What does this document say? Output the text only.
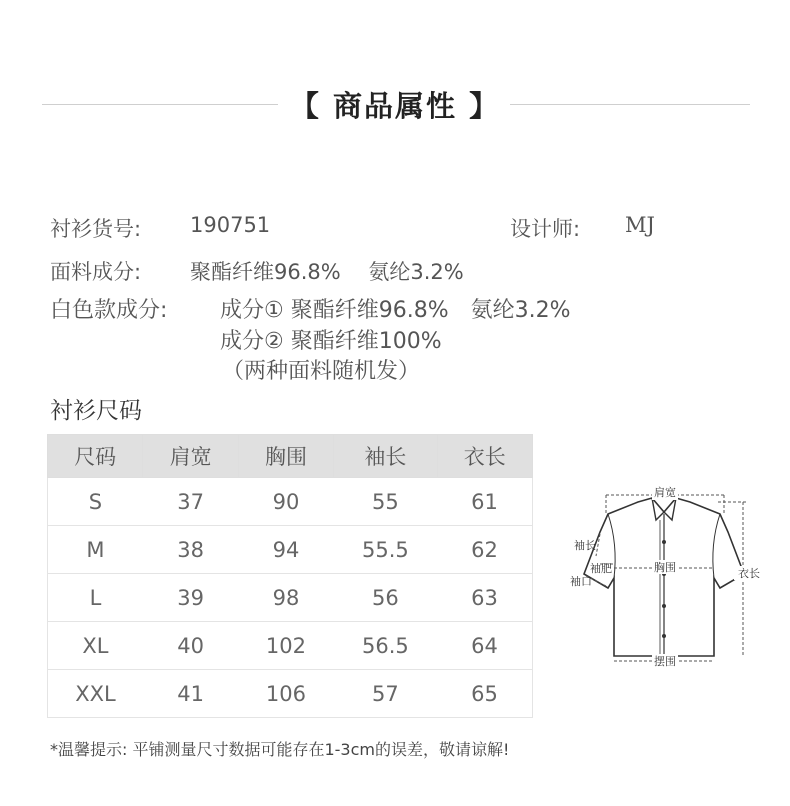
【 商品属性 】
衬衫货号: 190751	设计师: MJ
面料成分: 聚酯纤维96.8%　 氨纶3.2%
白色款成分: 成分① 聚酯纤维96.8%　氨纶3.2%
成分② 聚酯纤维100%
（两种面料随机发）
衬衫尺码
尺码	肩宽	胸围	袖长	衣长
S	37	90	55	61
M	38	94	55.5	62
L	39	98	56	63
XL	40	102	56.5	64
XXL	41	106	57	65
肩宽
衣长
袖长
袖肥
袖口
胸围
摆围
*温馨提示: 平铺测量尺寸数据可能存在1-3cm的误差，敬请谅解!
